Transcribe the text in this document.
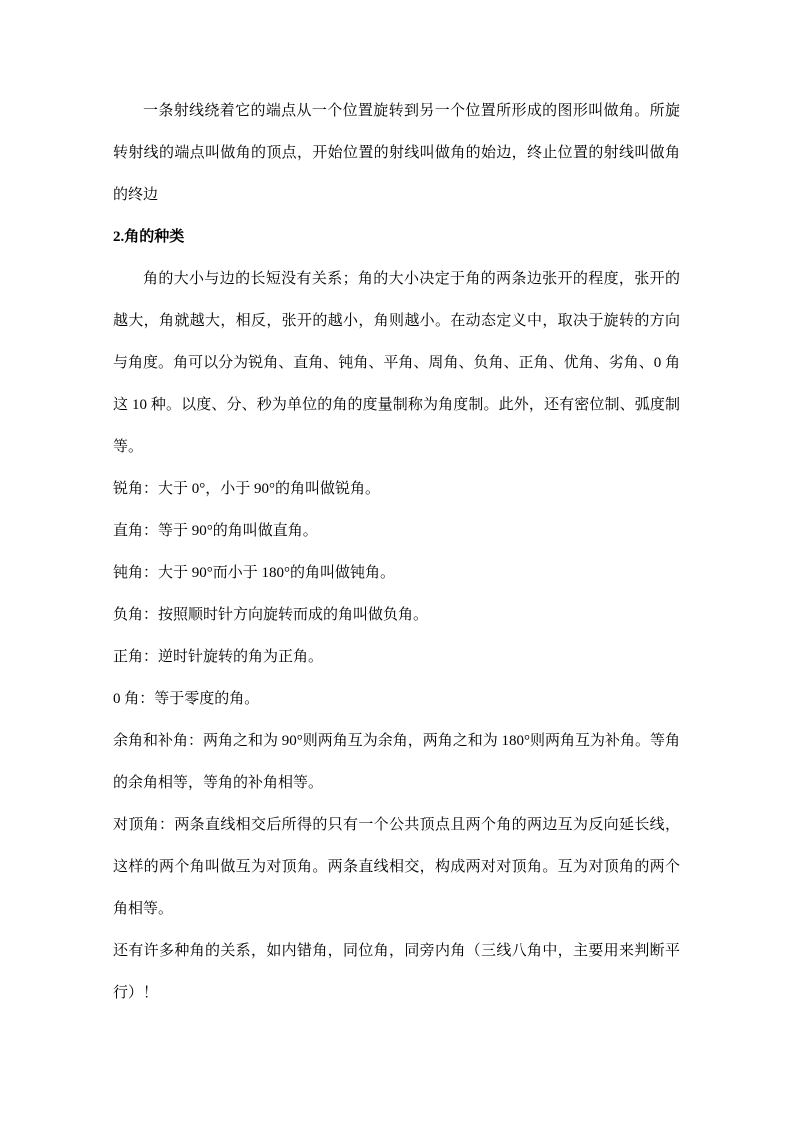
一条射线绕着它的端点从一个位置旋转到另一个位置所形成的图形叫做角。所旋转射线的端点叫做角的顶点，开始位置的射线叫做角的始边，终止位置的射线叫做角的终边

2.角的种类

角的大小与边的长短没有关系；角的大小决定于角的两条边张开的程度，张开的越大，角就越大，相反，张开的越小，角则越小。在动态定义中，取决于旋转的方向与角度。角可以分为锐角、直角、钝角、平角、周角、负角、正角、优角、劣角、0 角这 10 种。以度、分、秒为单位的角的度量制称为角度制。此外，还有密位制、弧度制等。

锐角：大于 0°，小于 90°的角叫做锐角。

直角：等于 90°的角叫做直角。

钝角：大于 90°而小于 180°的角叫做钝角。

负角：按照顺时针方向旋转而成的角叫做负角。

正角：逆时针旋转的角为正角。

0 角：等于零度的角。

余角和补角：两角之和为 90°则两角互为余角，两角之和为 180°则两角互为补角。等角的余角相等，等角的补角相等。

对顶角：两条直线相交后所得的只有一个公共顶点且两个角的两边互为反向延长线，这样的两个角叫做互为对顶角。两条直线相交，构成两对对顶角。互为对顶角的两个角相等。

还有许多种角的关系，如内错角，同位角，同旁内角（三线八角中，主要用来判断平行）！
